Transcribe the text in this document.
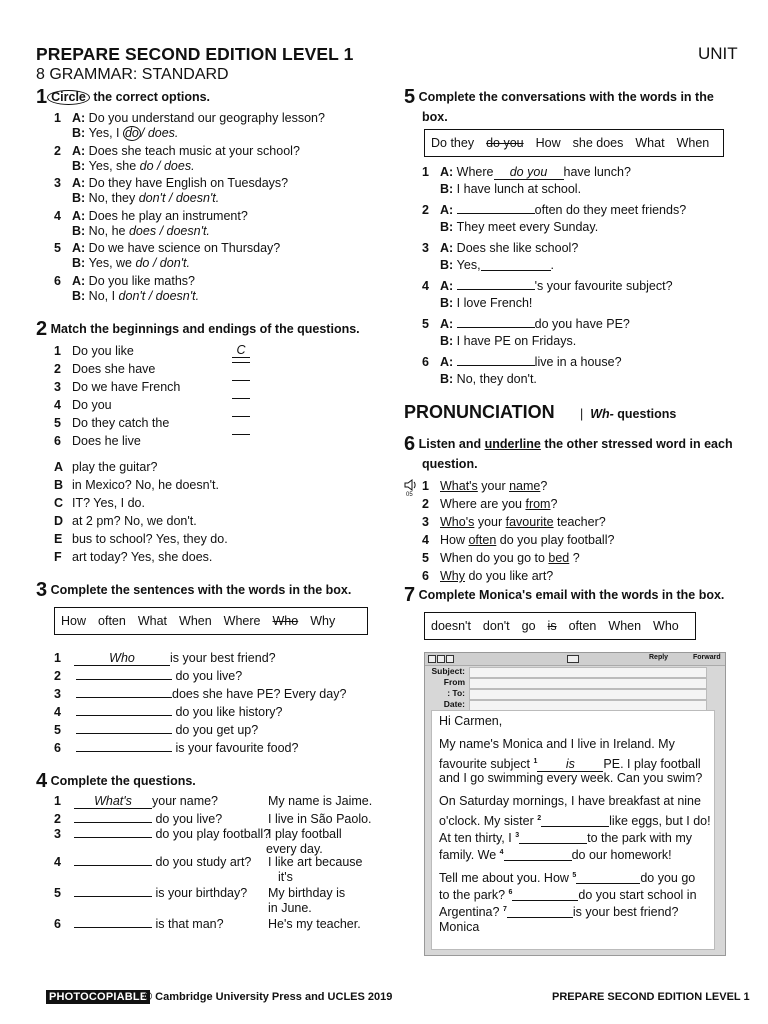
PREPARE SECOND EDITION LEVEL 1
8 GRAMMAR: STANDARD
UNIT
1 Circle the correct options.
1 A: Do you understand our geography lesson?
B: Yes, I do / does.
2 A: Does she teach music at your school?
B: Yes, she do / does.
3 A: Do they have English on Tuesdays?
B: No, they don't / doesn't.
4 A: Does he play an instrument?
B: No, he does / doesn't.
5 A: Do we have science on Thursday?
B: Yes, we do / don't.
6 A: Do you like maths?
B: No, I don't / doesn't.
2 Match the beginnings and endings of the questions.
1 Do you like	C
2 Does she have
3 Do we have French
4 Do you
5 Do they catch the
6 Does he live
A play the guitar?
B in Mexico? No, he doesn't.
C IT? Yes, I do.
D at 2 pm? No, we don't.
E bus to school? Yes, they do.
F art today? Yes, she does.
3 Complete the sentences with the words in the box.
How often What When Where Who Why
1	Who	is your best friend?
2	do you live?
3	does she have PE? Every day?
4	do you like history?
5	do you get up?
6	is your favourite food?
4 Complete the questions.
1	What's your name?	My name is Jaime.
2	do you live?	I live in São Paolo.
3	do you play football?
I play football
every day.
4	do you study art? I like art because
it's
5	is your birthday? My birthday is
in June.
6	is that man?	He's my teacher.
5 Complete the conversations with the words in the
box.
Do they do you How she does What When
1 A: Where do you have lunch?
B: I have lunch at school.
2 A:	often do they meet friends?
B: They meet every Sunday.
3 A: Does she like school?
B: Yes,	.
4 A:	's your favourite subject?
B: I love French!
5 A:	do you have PE?
B: I have PE on Fridays.
6 A:	live in a house?
B: No, they don't.
PRONUNCIATION |  Wh- questions
6 Listen and underline the other stressed word in each
question.
05
1 What's your name?
2 Where are you from?
3 Who's your favourite teacher?
4 How often do you play football?
5 When do you go to bed ?
6 Why do you like art?
7 Complete Monica's email with the words in the box.
doesn't don't go is often When Who
Reply	Forward
Subject:
From
: To:
Date:
Hi Carmen,
My name's Monica and I live in Ireland. My
favourite subject $^1$ is PE. I play football
and I go swimming every week. Can you swim?
On Saturday mornings, I have breakfast at nine
o'clock. My sister $^2$	like eggs, but I do!
At ten thirty, I $^3$	to the park with my
family. We $^4$	do our homework!
Tell me about you. How $^5$	do you go
to the park? $^6$	do you start school in
Argentina? $^7$	is your best friend?
Monica
PHOTOCOPIABLE
© Cambridge University Press and UCLES 2019	PREPARE SECOND EDITION LEVEL 1
